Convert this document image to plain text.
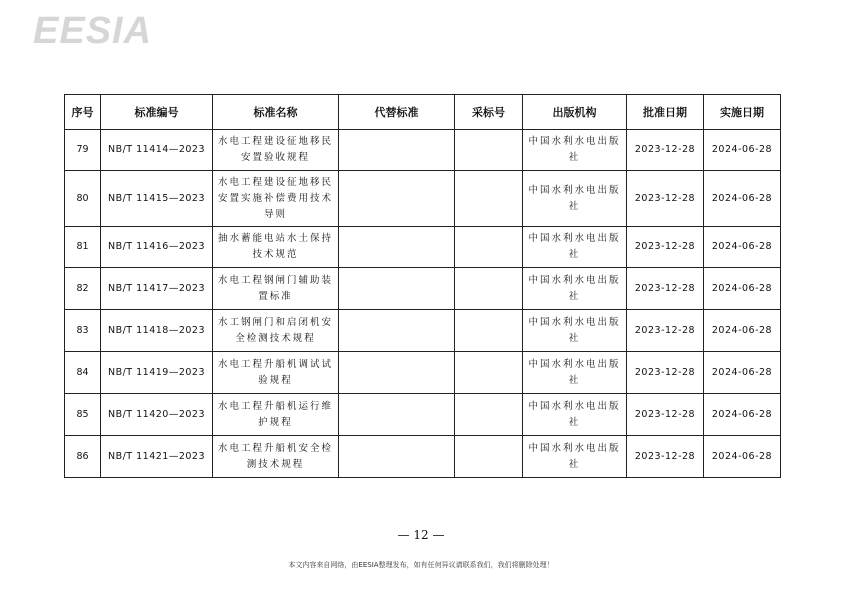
EESIA
序号	标准编号	标准名称	代替标准	采标号	出版机构	批准日期	实施日期
79	NB/T 11414—2023	水电工程建设征地移民安置验收规程			中国水利水电出版社	2023-12-28	2024-06-28
80	NB/T 11415—2023	水电工程建设征地移民安置实施补偿费用技术导则			中国水利水电出版社	2023-12-28	2024-06-28
81	NB/T 11416—2023	抽水蓄能电站水土保持技术规范			中国水利水电出版社	2023-12-28	2024-06-28
82	NB/T 11417—2023	水电工程钢闸门辅助装置标准			中国水利水电出版社	2023-12-28	2024-06-28
83	NB/T 11418—2023	水工钢闸门和启闭机安全检测技术规程			中国水利水电出版社	2023-12-28	2024-06-28
84	NB/T 11419—2023	水电工程升船机调试试验规程			中国水利水电出版社	2023-12-28	2024-06-28
85	NB/T 11420—2023	水电工程升船机运行维护规程			中国水利水电出版社	2023-12-28	2024-06-28
86	NB/T 11421—2023	水电工程升船机安全检测技术规程			中国水利水电出版社	2023-12-28	2024-06-28
— 12 —
本文内容来自网络，由EESIA整理发布，如有任何异议请联系我们，我们将删除处理！
